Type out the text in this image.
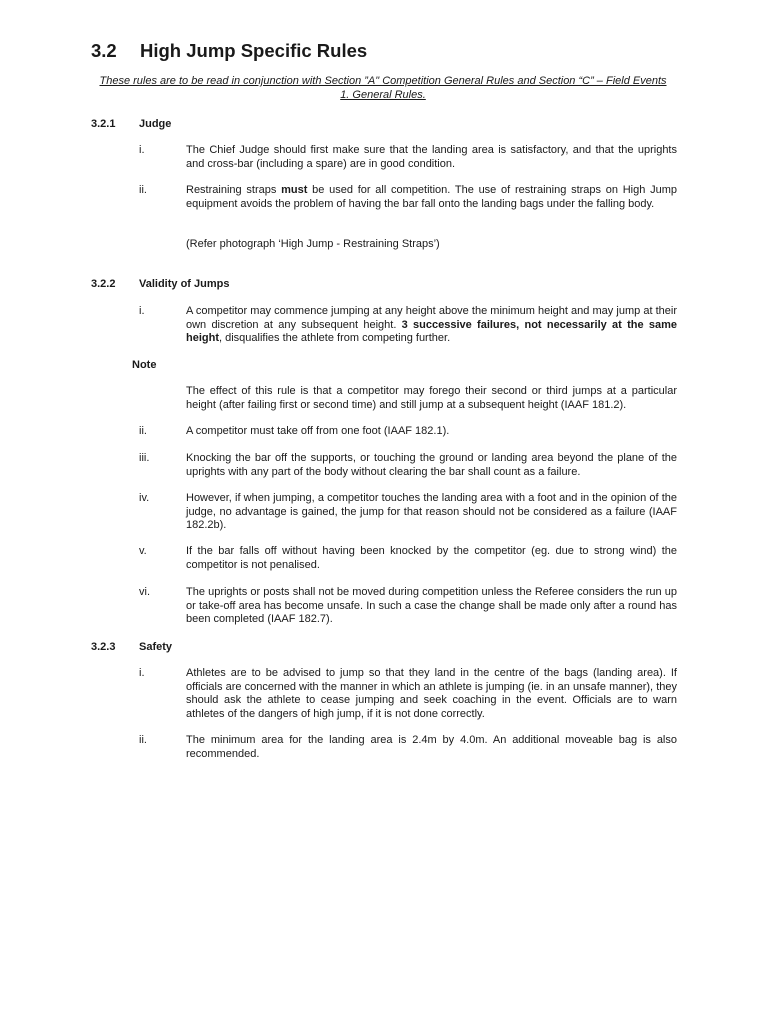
3.2 High Jump Specific Rules

These rules are to be read in conjunction with Section ”A" Competition General Rules and Section “C” – Field Events 1. General Rules.

3.2.1 Judge
i.	The Chief Judge should first make sure that the landing area is satisfactory, and that the uprights and cross-bar (including a spare) are in good condition.
ii.	Restraining straps must be used for all competition. The use of restraining straps on High Jump equipment avoids the problem of having the bar fall onto the landing bags under the falling body.
(Refer photograph ‘High Jump - Restraining Straps’)
3.2.2 Validity of Jumps
i.	A competitor may commence jumping at any height above the minimum height and may jump at their own discretion at any subsequent height. 3 successive failures, not necessarily at the same height, disqualifies the athlete from competing further.
Note
The effect of this rule is that a competitor may forego their second or third jumps at a particular height (after failing first or second time) and still jump at a subsequent height (IAAF 181.2).
ii.	A competitor must take off from one foot (IAAF 182.1).
iii.	Knocking the bar off the supports, or touching the ground or landing area beyond the plane of the uprights with any part of the body without clearing the bar shall count as a failure.
iv.	However, if when jumping, a competitor touches the landing area with a foot and in the opinion of the judge, no advantage is gained, the jump for that reason should not be considered as a failure (IAAF 182.2b).
v.	If the bar falls off without having been knocked by the competitor (eg. due to strong wind) the competitor is not penalised.
vi.	The uprights or posts shall not be moved during competition unless the Referee considers the run up or take-off area has become unsafe. In such a case the change shall be made only after a round has been completed (IAAF 182.7).
3.2.3 Safety
i.	Athletes are to be advised to jump so that they land in the centre of the bags (landing area). If officials are concerned with the manner in which an athlete is jumping (ie. in an unsafe manner), they should ask the athlete to cease jumping and seek coaching in the event. Officials are to warn athletes of the dangers of high jump, if it is not done correctly.
ii.	The minimum area for the landing area is 2.4m by 4.0m. An additional moveable bag is also recommended.
